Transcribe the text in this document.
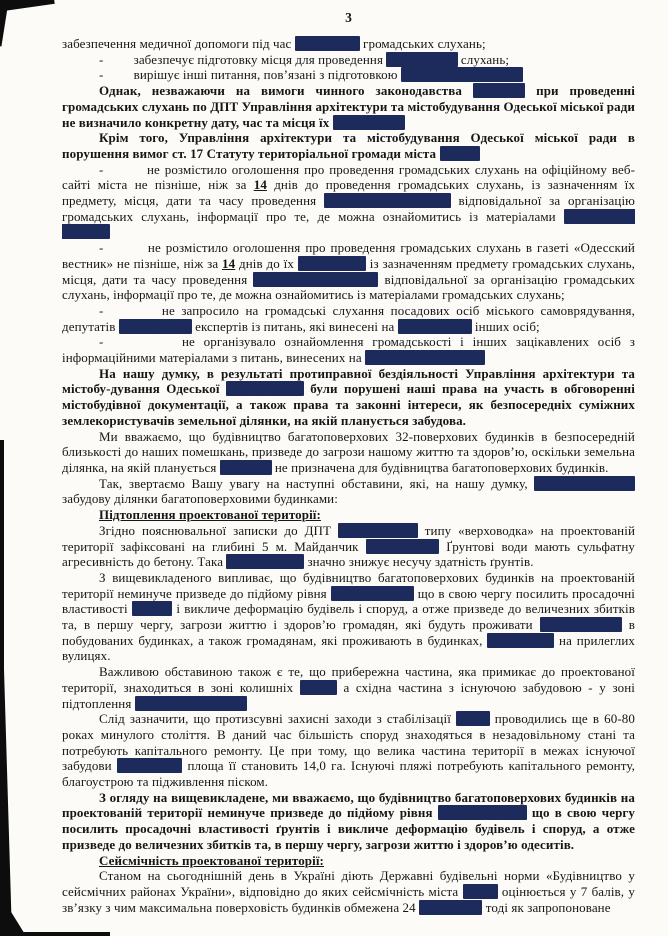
3

забезпечення медичної допомоги під час проведення громадських слухань;

-         забезпечує підготовку місця для проведення громадських слухань;

-         вирішує інші питання, пов’язані з підготовкою громадських слухань.

Однак, незважаючи на вимоги чинного законодавства України, при проведенні громадських слухань по ДПТ Управління архітектури та містобудування Одеської міської ради не визначило конкретну дату, час та місця їх проведення.

Крім того, Управління архітектури та містобудування Одеської міської ради в порушення вимог ст. 17 Статуту територіальної громади міста Одеси:

-         не розмістило оголошення про проведення громадських слухань на офіційному веб-сайті міста не пізніше, ніж за 14 днів до проведення громадських слухань, із зазначенням їх предмету, місця, дати та часу проведення громадських слухань, відповідальної за організацію громадських слухань, інформації про те, де можна ознайомитись із матеріалами громадських слухань;

-         не розмістило оголошення про проведення громадських слухань в газеті «Одесский вестник» не пізніше, ніж за 14 днів до їх проведення, із зазначенням предмету громадських слухань, місця, дати та часу проведення громадських слухань, відповідальної за організацію громадських слухань, інформації про те, де можна ознайомитись із матеріалами громадських слухань;

-         не запросило на громадські слухання посадових осіб міського самоврядування, депутатів міської ради, експертів із питань, які винесені на обговорення, інших осіб;

-         не організувало ознайомлення громадськості і інших зацікавлених осіб з інформаційними матеріалами з питань, винесених на громадські слухання.

На нашу думку, в результаті протиправної бездіяльності Управління архітектури та містобу-дування Одеської міської ради були порушені наші права на участь в обговоренні містобудівної документації, а також права та законні інтереси, як безпосередніх суміжних землекористувачів земельної ділянки, на якій планується забудова.

Ми вважаємо, що будівництво багатоповерхових 32-поверхових будинків в безпосередній близькості до наших помешкань, призведе до загрози нашому життю та здоров’ю, оскільки земельна ділянка, на якій планується забудова, не призначена для будівництва багатоповерхових будинків.

Так, звертаємо Вашу увагу на наступні обставини, які, на нашу думку, унеможливлюють забудову ділянки багатоповерховими будинками:

Підтоплення проектованої території:

Згідно пояснювальної записки до ДПТ ґрунтові води типу «верховодка» на проектованій території зафіксовані на глибині 5 м. Майданчик підтоплений. Ґрунтові води мають сульфатну агресивність до бетону. Така підтопленість значно знижує несучу здатність ґрунтів.

З вищевикладеного випливає, що будівництво багатоповерхових будинків на проектованій території неминуче призведе до підйому рівня ґрунтових вод, що в свою чергу посилить просадочні властивості ґрунтів і викличе деформацію будівель і споруд, а отже призведе до величезних збитків та, в першу чергу, загрози життю і здоров’ю громадян, які будуть проживати безпосередньо в побудованих будинках, а також громадянам, які проживають в будинках, розміщених на прилеглих вулицях.

Важливою обставиною також є те, що прибережна частина, яка примикає до проектованої території, знаходиться в зоні колишніх зсувів, а східна частина з існуючою забудовою - у зоні підтоплення ґрунтовими водами.

Слід зазначити, що протизсувні захисні заходи з стабілізації зсувів проводились ще в 60-80 роках минулого століття. В даний час більшість споруд знаходяться в незадовільному стані та потребують капітального ремонту. Це при тому, що велика частина території в межах існуючої забудови підтоплена, площа її становить 14,0 га. Існуючі пляжі потребують капітального ремонту, благоустрою та підживлення піском.

З огляду на вищевикладене, ми вважаємо, що будівництво багатоповерхових будинків на проектованій території неминуче призведе до підйому рівня ґрунтових вод, що в свою чергу посилить просадочні властивості ґрунтів і викличе деформацію будівель і споруд, а отже призведе до величезних збитків та, в першу чергу, загрози життю і здоров’ю одеситів.

Сейсмічність проектованої території:

Станом на сьогоднішній день в Україні діють Державні будівельні норми «Будівництво у сейсмічних районах України», відповідно до яких сейсмічність міста Одеси оцінюється у 7 балів, у зв’язку з чим максимальна поверховість будинків обмежена 24 поверхами, тоді як запропоноване
